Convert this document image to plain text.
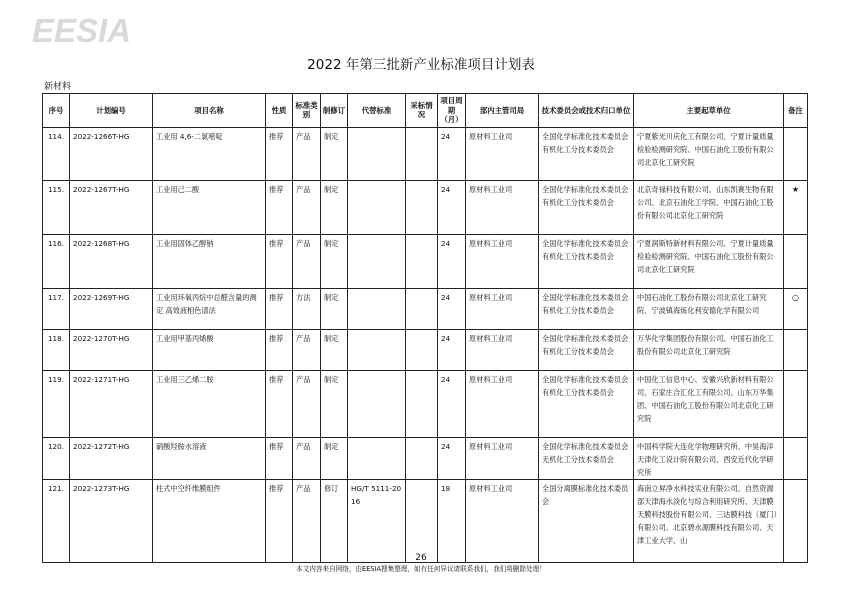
EESIA
2022 年第三批新产业标准项目计划表
新材料
序号	计划编号	项目名称	性质	标准类别	制修订	代替标准	采标情况	项目周期（月）	部内主管司局	技术委员会或技术归口单位	主要起草单位	备注
114.	2022-1266T-HG	工业用 4,6-二氯嘧啶	推荐	产品	制定			24	原材料工业司	全国化学标准化技术委员会有机化工分技术委员会	宁夏紫光川庆化工有限公司、宁夏计量质量检验检测研究院、中国石油化工股份有限公司北京化工研究院	
115.	2022-1267T-HG	工业用己二酸	推荐	产品	制定			24	原材料工业司	全国化学标准化技术委员会有机化工分技术委员会	北京奇禄科技有限公司、山东凯赛生物有限公司、北京石油化工学院、中国石油化工股份有限公司北京化工研究院	★
116.	2022-1268T-HG	工业用固体乙醇钠	推荐	产品	制定			24	原材料工业司	全国化学标准化技术委员会有机化工分技术委员会	宁夏润斯特新材料有限公司、宁夏计量质量检验检测研究院、中国石油化工股份有限公司北京化工研究院	
117.	2022-1269T-HG	工业用环氧丙烷中总醛含量的测定 高效液相色谱法	推荐	方法	制定			24	原材料工业司	全国化学标准化技术委员会有机化工分技术委员会	中国石油化工股份有限公司北京化工研究院、宁波镇海炼化利安德化学有限公司	○
118.	2022-1270T-HG	工业用甲基丙烯酸	推荐	产品	制定			24	原材料工业司	全国化学标准化技术委员会有机化工分技术委员会	万华化学集团股份有限公司、中国石油化工股份有限公司北京化工研究院	
119.	2022-1271T-HG	工业用三乙烯二胺	推荐	产品	制定			24	原材料工业司	全国化学标准化技术委员会有机化工分技术委员会	中国化工信息中心、安徽兴欣新材料有限公司、石家庄合汇化工有限公司、山东万华集团、中国石油化工股份有限公司北京化工研究院	
120.	2022-1272T-HG	硝酸羟胺水溶液	推荐	产品	制定			24	原材料工业司	全国化学标准化技术委员会无机化工分技术委员会	中国科学院大连化学物理研究所、中昊海洋天津化工设计院有限公司、西安近代化学研究所	
121.	2022-1273T-HG	柱式中空纤维膜组件	推荐	产品	修订	HG/T 5111-2016		18	原材料工业司	全国分离膜标准化技术委员会	海南立昇净水科技实业有限公司、自然资源部天津海水淡化与综合利用研究所、天津膜天膜科技股份有限公司、三达膜科技（厦门）有限公司、北京碧水源膜科技有限公司、天津工业大学、山	
26
本文内容来自网络，由EESIA搜集整理，如有任何异议请联系我们，我们将删除处理！
